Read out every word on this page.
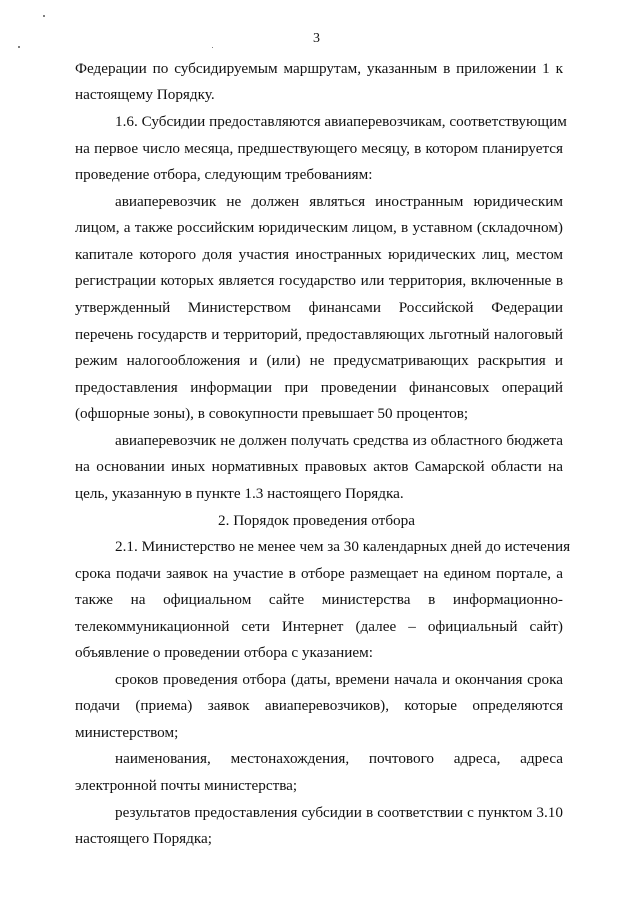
3
Федерации по субсидируемым маршрутам, указанным в приложении 1 к
настоящему Порядку.
1.6. Субсидии предоставляются авиаперевозчикам, соответствующим
на первое число месяца, предшествующего месяцу, в котором планируется
проведение отбора, следующим требованиям:
авиаперевозчик не должен являться иностранным юридическим
лицом, а также российским юридическим лицом, в уставном (складочном)
капитале которого доля участия иностранных юридических лиц, местом
регистрации которых является государство или территория, включенные в
утвержденный Министерством финансами Российской Федерации
перечень государств и территорий, предоставляющих льготный налоговый
режим налогообложения и (или) не предусматривающих раскрытия и
предоставления информации при проведении финансовых операций
(офшорные зоны), в совокупности превышает 50 процентов;
авиаперевозчик не должен получать средства из областного бюджета
на основании иных нормативных правовых актов Самарской области на
цель, указанную в пункте 1.3 настоящего Порядка.
2. Порядок проведения отбора
2.1. Министерство не менее чем за 30 календарных дней до истечения
срока подачи заявок на участие в отборе размещает на едином портале, а
также на официальном сайте министерства в информационно-
телекоммуникационной сети Интернет (далее – официальный сайт)
объявление о проведении отбора с указанием:
сроков проведения отбора (даты, времени начала и окончания срока
подачи (приема) заявок авиаперевозчиков), которые определяются
министерством;
наименования, местонахождения, почтового адреса, адреса
электронной почты министерства;
результатов предоставления субсидии в соответствии с пунктом 3.10
настоящего Порядка;
